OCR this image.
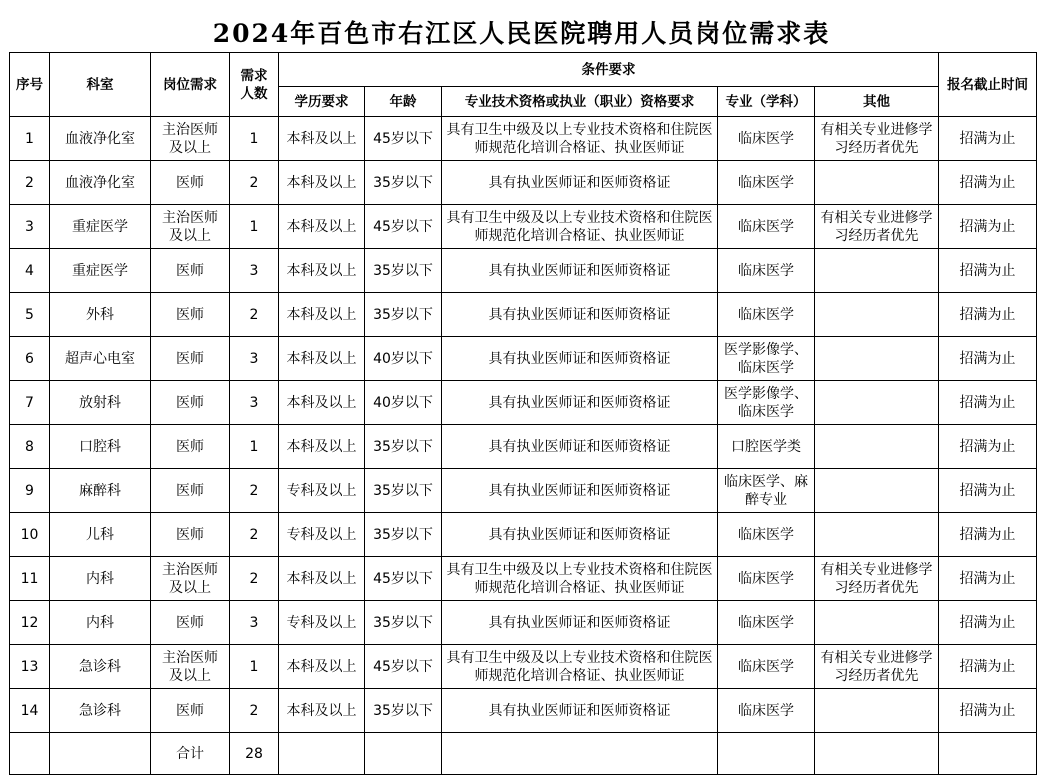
2024年百色市右江区人民医院聘用人员岗位需求表
序号	科室	岗位需求	需求人数	条件要求					报名截止时间
				学历要求	年龄	专业技术资格或执业（职业）资格要求	专业（学科）	其他	

1	血液净化室	主治医师及以上	1	本科及以上	45岁以下	具有卫生中级及以上专业技术资格和住院医师规范化培训合格证、执业医师证	临床医学	有相关专业进修学习经历者优先	招满为止

2	血液净化室	医师	2	本科及以上	35岁以下	具有执业医师证和医师资格证	临床医学		招满为止

3	重症医学	主治医师及以上	1	本科及以上	45岁以下	具有卫生中级及以上专业技术资格和住院医师规范化培训合格证、执业医师证	临床医学	有相关专业进修学习经历者优先	招满为止

4	重症医学	医师	3	本科及以上	35岁以下	具有执业医师证和医师资格证	临床医学		招满为止

5	外科	医师	2	本科及以上	35岁以下	具有执业医师证和医师资格证	临床医学		招满为止

6	超声心电室	医师	3	本科及以上	40岁以下	具有执业医师证和医师资格证	医学影像学、临床医学		招满为止

7	放射科	医师	3	本科及以上	40岁以下	具有执业医师证和医师资格证	医学影像学、临床医学		招满为止

8	口腔科	医师	1	本科及以上	35岁以下	具有执业医师证和医师资格证	口腔医学类		招满为止

9	麻醉科	医师	2	专科及以上	35岁以下	具有执业医师证和医师资格证	临床医学、麻醉专业		招满为止

10	儿科	医师	2	专科及以上	35岁以下	具有执业医师证和医师资格证	临床医学		招满为止

11	内科	主治医师及以上	2	本科及以上	45岁以下	具有卫生中级及以上专业技术资格和住院医师规范化培训合格证、执业医师证	临床医学	有相关专业进修学习经历者优先	招满为止

12	内科	医师	3	专科及以上	35岁以下	具有执业医师证和医师资格证	临床医学		招满为止

13	急诊科	主治医师及以上	1	本科及以上	45岁以下	具有卫生中级及以上专业技术资格和住院医师规范化培训合格证、执业医师证	临床医学	有相关专业进修学习经历者优先	招满为止

14	急诊科	医师	2	本科及以上	35岁以下	具有执业医师证和医师资格证	临床医学		招满为止

		合计	28						
